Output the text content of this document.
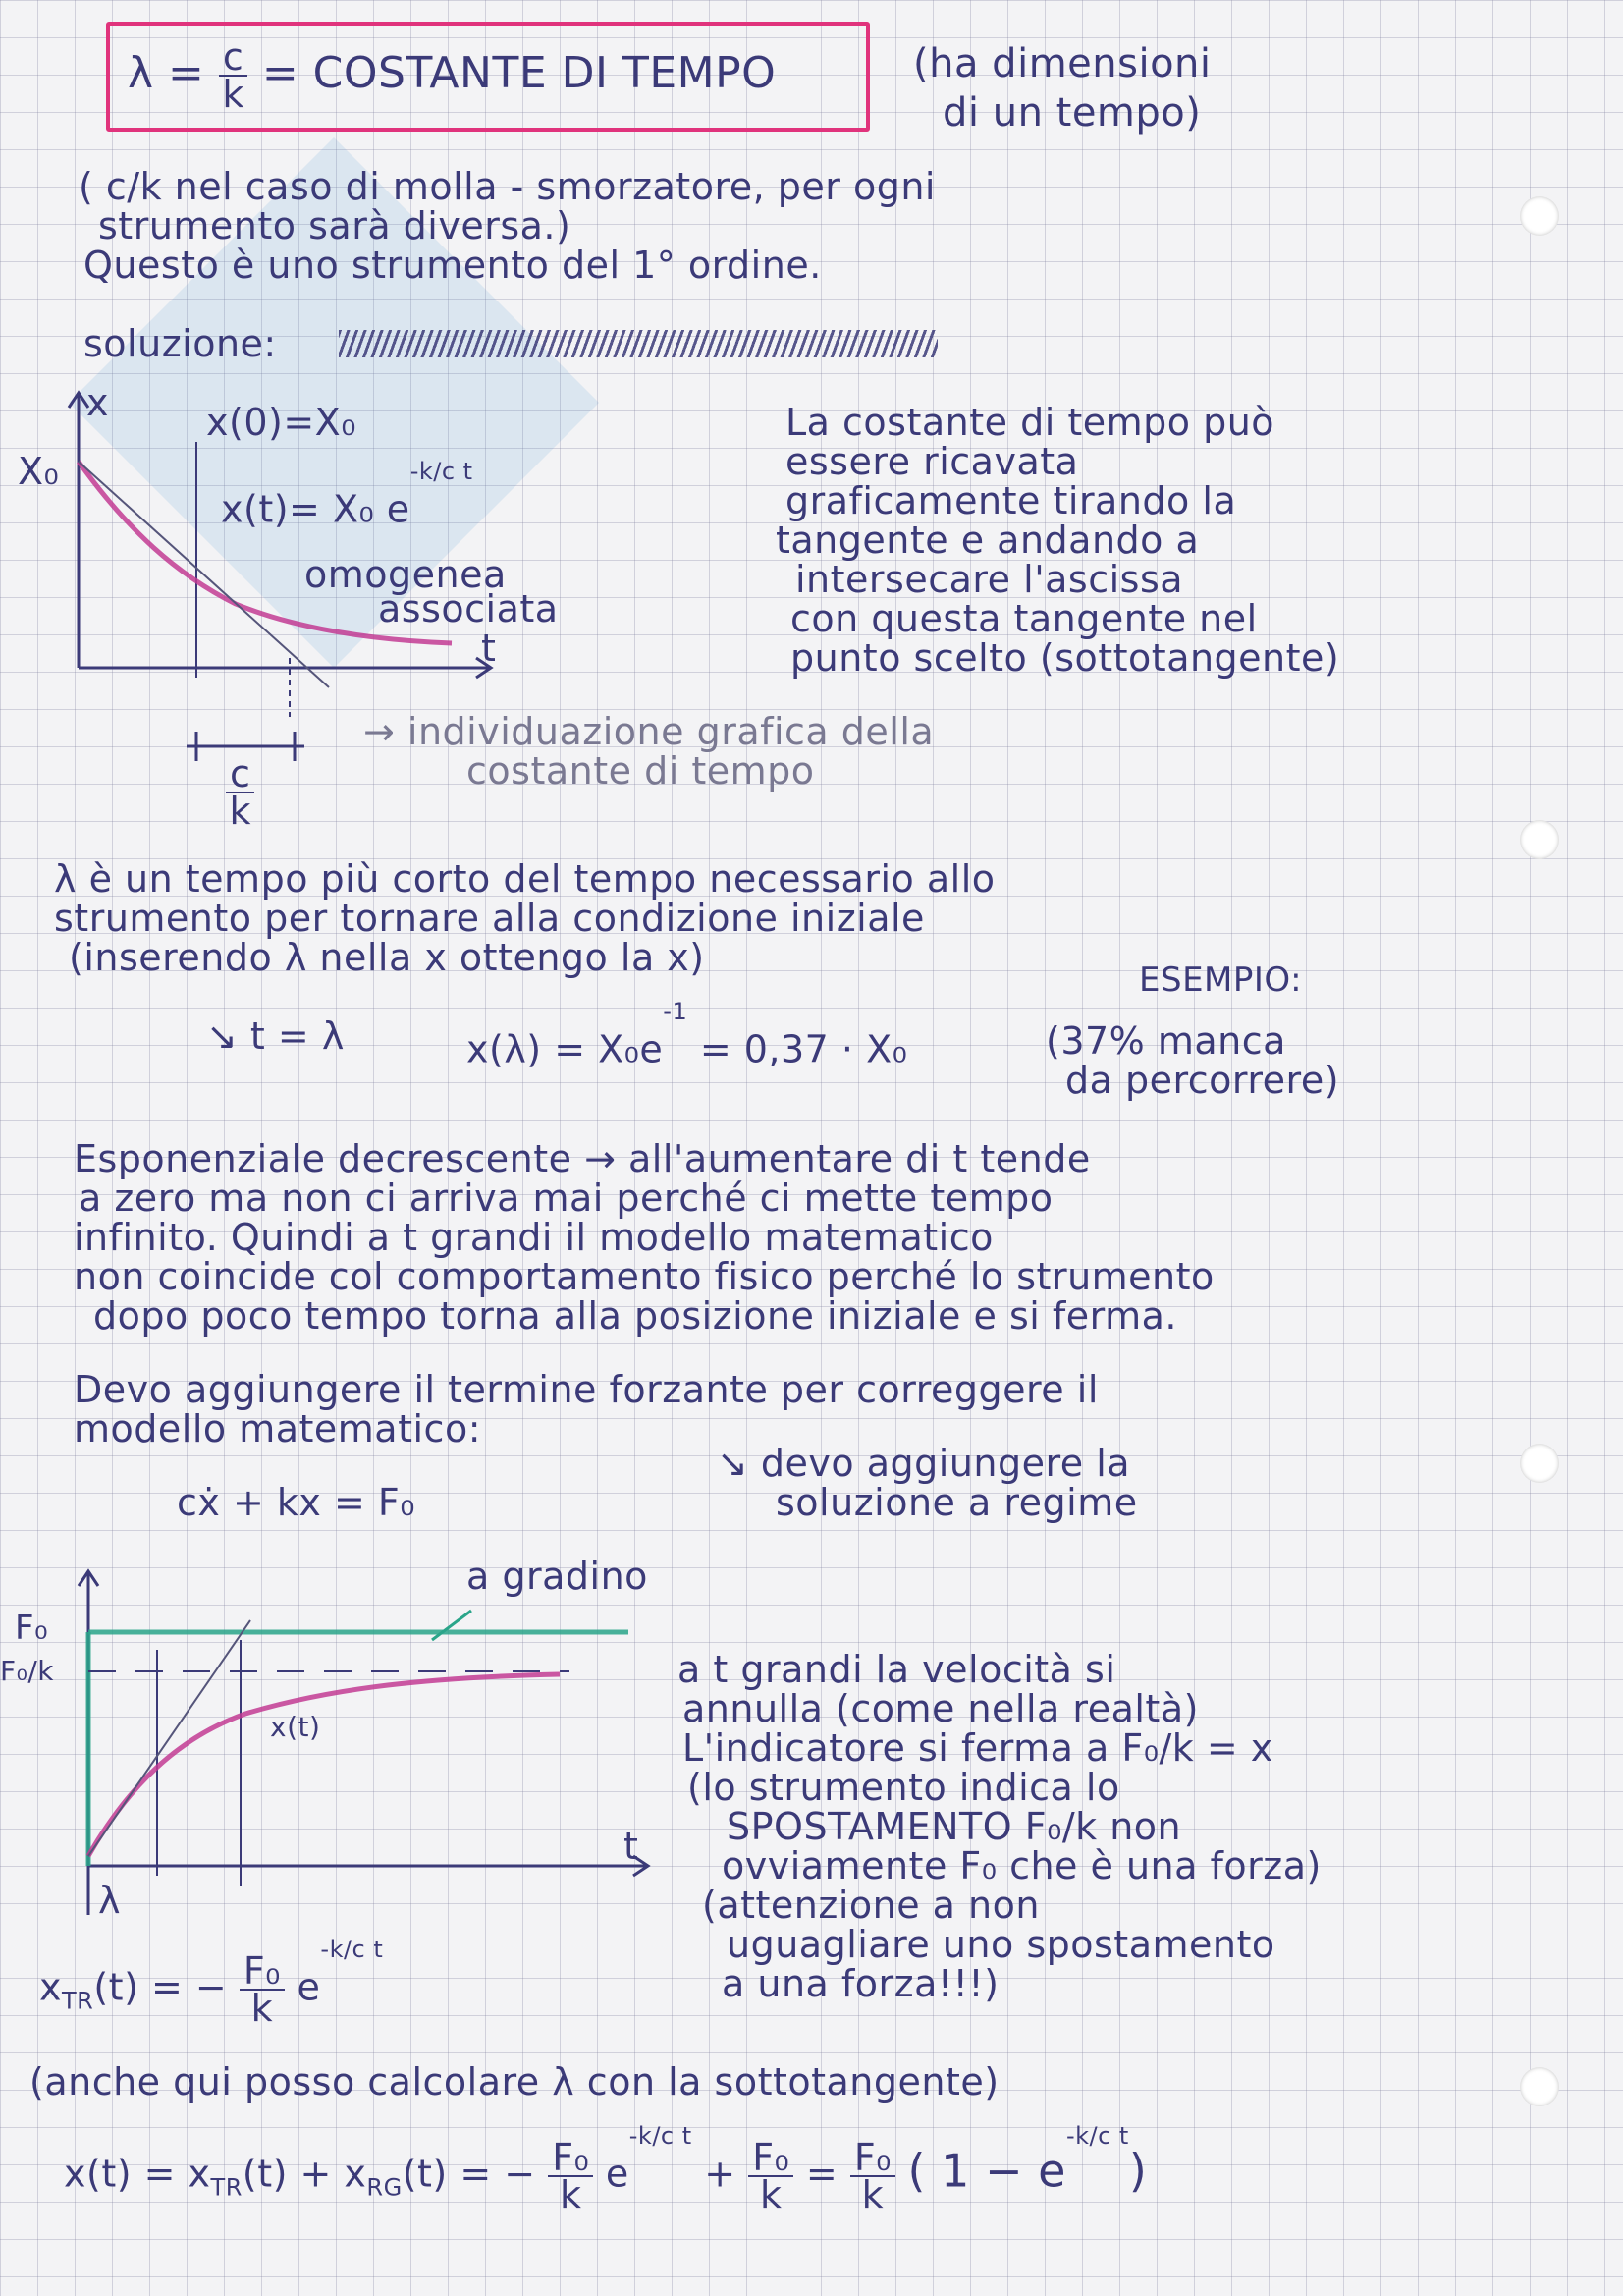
$\lambda = \frac{c}{k}$ = COSTANTE DI TEMPO	(ha dimensioni
di un tempo)
( c/k nel caso di molla - smorzatore, per ogni
strumento sarà diversa.)
Questo è uno strumento del 1° ordine.
soluzione:
x
t
X₀
x(0)=X₀
x(t)= X₀ $e^{-k/c t}$
omogenea
associata
$\frac{c}{k}$
→ individuazione grafica della
costante di tempo
La costante di tempo può
essere ricavata
graficamente tirando la
tangente e andando a
intersecare l'ascissa
con questa tangente nel
punto scelto (sottotangente)
λ è un tempo più corto del tempo necessario allo
strumento per tornare alla condizione iniziale
(inserendo λ nella x ottengo la x)
ESEMPIO:
↘ t = λ	$x(\lambda) = X_0e^{-1} = 0,37 \cdot X_0$	(37% manca
da percorrere)
Esponenziale decrescente → all'aumentare di t tende
a zero ma non ci arriva mai perché ci mette tempo
infinito. Quindi a t grandi il modello matematico
non coincide col comportamento fisico perché lo strumento
dopo poco tempo torna alla posizione iniziale e si ferma.
Devo aggiungere il termine forzante per correggere il
modello matematico:
cẋ + kx = F₀
↘ devo aggiungere la
soluzione a regime
a gradino
F₀
F₀/k
x(t)
t
λ
a t grandi la velocità si
annulla (come nella realtà)
L'indicatore si ferma a F₀/k = x
(lo strumento indica lo
SPOSTAMENTO F₀/k non
ovviamente F₀ che è una forza)
(attenzione a non
uguagliare uno spostamento
a una forza!!!)
$x_{TR}(t)$ = − $\frac{\text{F₀}}{k} e^{-k/c t}$
(anche qui posso calcolare λ con la sottotangente)
$x(t) = x_{TR}(t) + x_{RG}(t)$ = − $\frac{\text{F₀}}{k} e^{-k/c t} + \frac{\text{F₀}}{k} = \frac{\text{F₀}}{k}$ ( $1 - e^{-k/c t}$)
